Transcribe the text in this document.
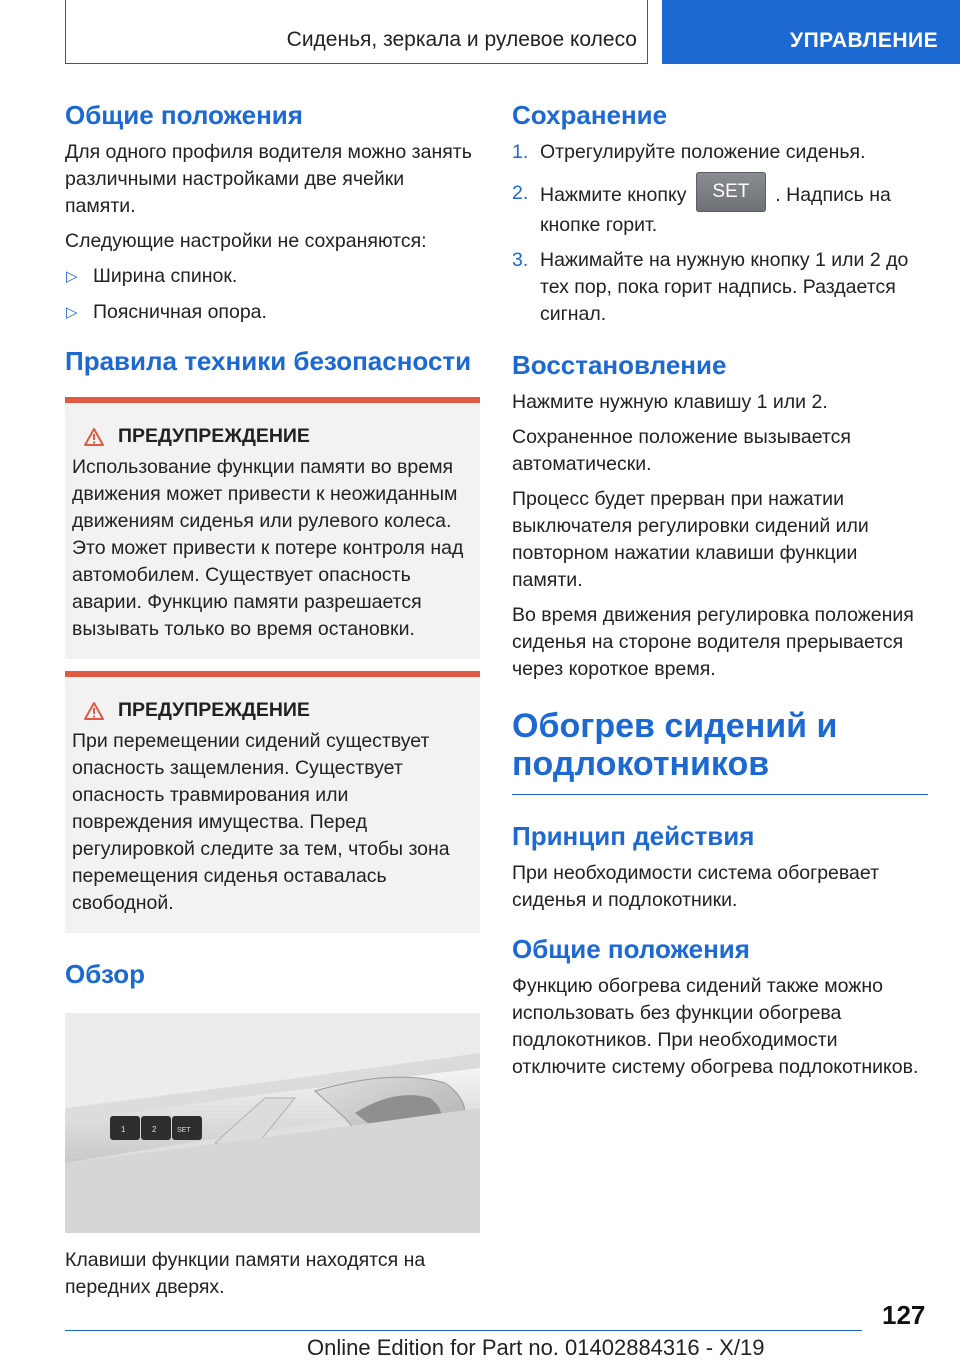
Сиденья, зеркала и рулевое колесо	УПРАВЛЕНИЕ
Общие положения

Для одного профиля водителя можно занять различными настройками две ячейки памяти.

Следующие настройки не сохраняются:

▷ Ширина спинок.
▷ Поясничная опора.
Правила техники безопасности
ПРЕДУПРЕЖДЕНИЕ

Использование функции памяти во время движения может привести к неожиданным движениям сиденья или рулевого колеса. Это может привести к потере контроля над автомобилем. Существует опасность аварии. Функцию памяти разрешается вызывать только во время остановки.

ПРЕДУПРЕЖДЕНИЕ

При перемещении сидений существует опасность защемления. Существует опасность травмирования или повреждения имущества. Перед регулировкой следите за тем, чтобы зона перемещения сиденья оставалась свободной.

Обзор
1	2	SET

Клавиши функции памяти находятся на передних дверях.

Сохранение
1. Отрегулируйте положение сиденья.
2. Нажмите кнопку SET . Надпись на кнопке горит.
3. Нажимайте на нужную кнопку 1 или 2 до тех пор, пока горит надпись. Раздается сигнал.
Восстановление

Нажмите нужную клавишу 1 или 2.

Сохраненное положение вызывается автоматически.

Процесс будет прерван при нажатии выключателя регулировки сидений или повторном нажатии клавиши функции памяти.

Во время движения регулировка положения сиденья на стороне водителя прерывается через короткое время.

Обогрев сидений и подлокотников
Принцип действия

При необходимости система обогревает сиденья и подлокотники.

Общие положения

Функцию обогрева сидений также можно использовать без функции обогрева подлокотников. При необходимости отключите систему обогрева подлокотников.

127
Online Edition for Part no. 01402884316 - X/19
